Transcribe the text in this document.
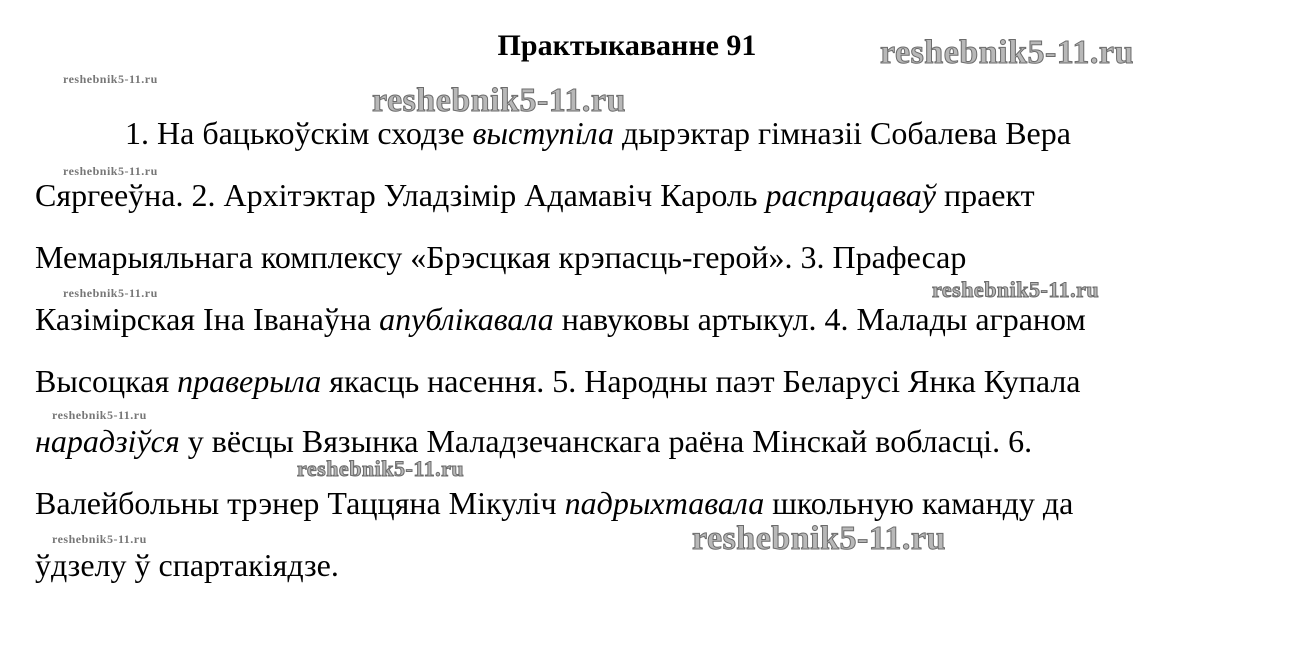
Практыкаванне 91
1. На бацькоўскім сходзе выступіла дырэктар гімназіі Собалева Вера
Сяргееўна. 2. Архітэктар Уладзімір Адамавіч Кароль распрацаваў праект
Мемарыяльнага комплексу «Брэсцкая крэпасць-герой». 3. Прафесар
Казімірская Іна Іванаўна апублікавала навуковы артыкул. 4. Малады аграном
Высоцкая праверыла якасць насення. 5. Народны паэт Беларусі Янка Купала
нарадзіўся у вёсцы Вязынка Маладзечанскага раёна Мінскай вобласці. 6.
Валейбольны трэнер Таццяна Мікуліч падрыхтавала школьную каманду да
ўдзелу ў спартакіядзе.
reshebnik5-11.ru
reshebnik5-11.ru
reshebnik5-11.ru
reshebnik5-11.ru
reshebnik5-11.ru	reshebnik5-11.ru
reshebnik5-11.ru
reshebnik5-11.ru
reshebnik5-11.ru	reshebnik5-11.ru
